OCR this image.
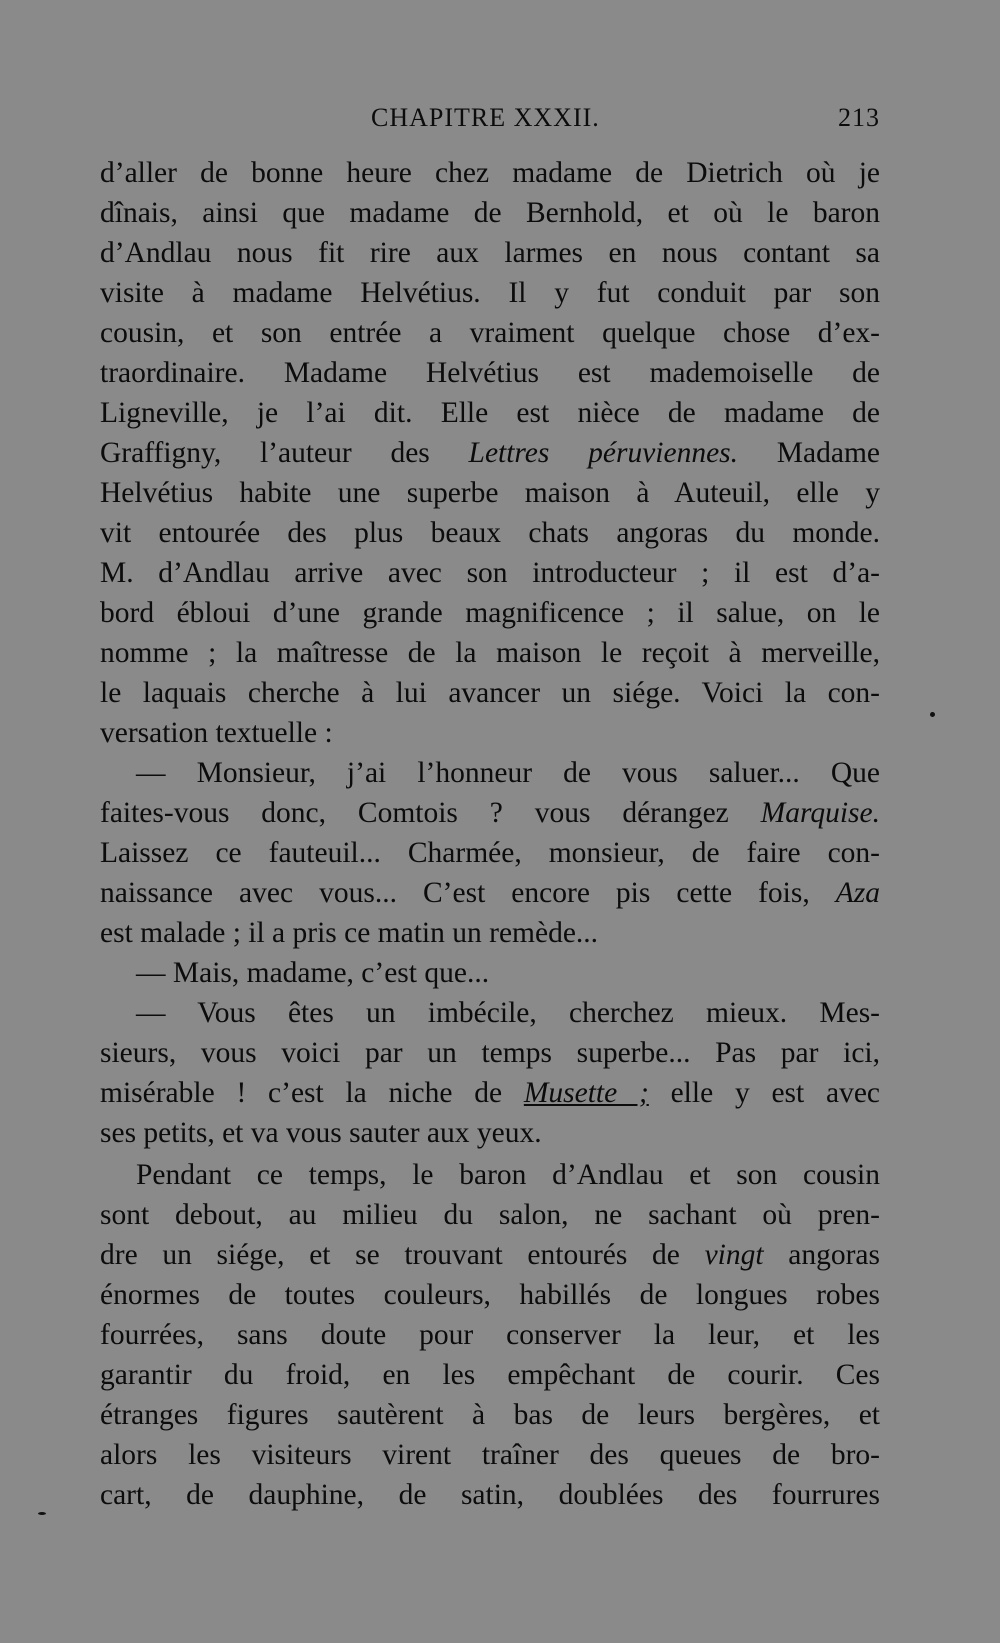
CHAPITRE XXXII.	213
d’aller de bonne heure chez madame de Dietrich où je
dînais, ainsi que madame de Bernhold, et où le baron
d’Andlau nous fit rire aux larmes en nous contant sa
visite à madame Helvétius. Il y fut conduit par son
cousin, et son entrée a vraiment quelque chose d’ex-
traordinaire. Madame Helvétius est mademoiselle de
Ligneville, je l’ai dit. Elle est nièce de madame de
Graffigny, l’auteur des Lettres péruviennes. Madame
Helvétius habite une superbe maison à Auteuil, elle y
vit entourée des plus beaux chats angoras du monde.
M. d’Andlau arrive avec son introducteur ; il est d’a-
bord ébloui d’une grande magnificence ; il salue, on le
nomme ; la maîtresse de la maison le reçoit à merveille,
le laquais cherche à lui avancer un siége. Voici la con-
versation textuelle :
— Monsieur, j’ai l’honneur de vous saluer... Que
faites-vous donc, Comtois ? vous dérangez Marquise.
Laissez ce fauteuil... Charmée, monsieur, de faire con-
naissance avec vous... C’est encore pis cette fois, Aza
est malade ; il a pris ce matin un remède...
— Mais, madame, c’est que...
— Vous êtes un imbécile, cherchez mieux. Mes-
sieurs, vous voici par un temps superbe... Pas par ici,
misérable ! c’est la niche de Musette ; elle y est avec
ses petits, et va vous sauter aux yeux.
Pendant ce temps, le baron d’Andlau et son cousin
sont debout, au milieu du salon, ne sachant où pren-
dre un siége, et se trouvant entourés de vingt angoras
énormes de toutes couleurs, habillés de longues robes
fourrées, sans doute pour conserver la leur, et les
garantir du froid, en les empêchant de courir. Ces
étranges figures sautèrent à bas de leurs bergères, et
alors les visiteurs virent traîner des queues de bro-
cart, de dauphine, de satin, doublées des fourrures
